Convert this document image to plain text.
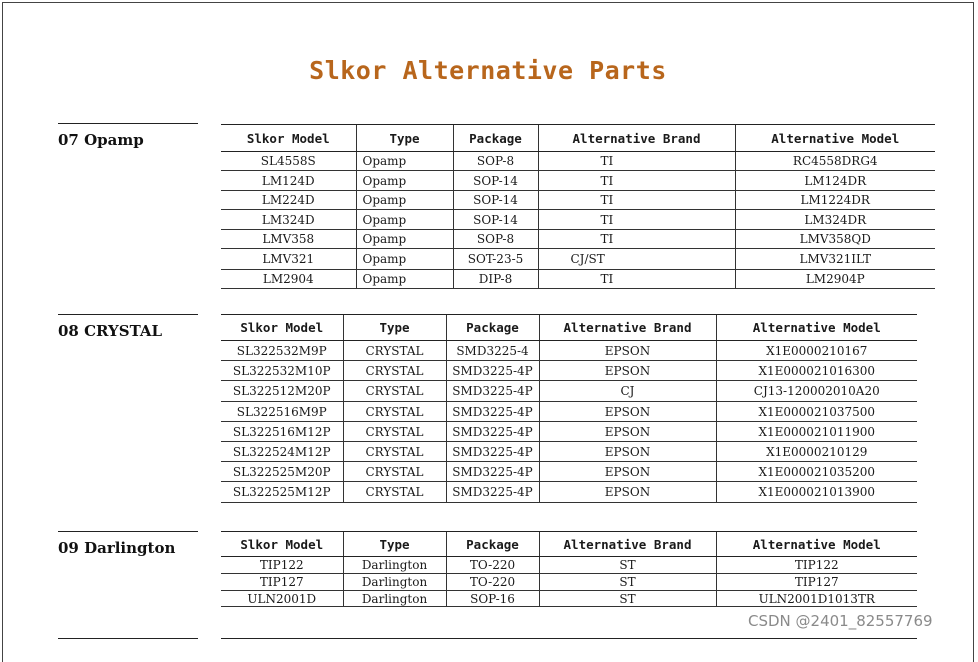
Slkor Alternative Parts
07 Opamp	Slkor Model	Type	Package	Alternative Brand	Alternative Model
SL4558S	Opamp	SOP-8	TI	RC4558DRG4
LM124D	Opamp	SOP-14	TI	LM124DR
LM224D	Opamp	SOP-14	TI	LM1224DR
LM324D	Opamp	SOP-14	TI	LM324DR
LMV358	Opamp	SOP-8	TI	LMV358QD
LMV321	Opamp	SOT-23-5	CJ/ST	LMV321ILT
LM2904	Opamp	DIP-8	TI	LM2904P
08 CRYSTAL	Slkor Model	Type	Package	Alternative Brand	Alternative Model
SL322532M9P	CRYSTAL	SMD3225-4	EPSON	X1E0000210167
SL322532M10P	CRYSTAL	SMD3225-4P	EPSON	X1E000021016300
SL322512M20P	CRYSTAL	SMD3225-4P	CJ	CJ13-120002010A20
SL322516M9P	CRYSTAL	SMD3225-4P	EPSON	X1E000021037500
SL322516M12P	CRYSTAL	SMD3225-4P	EPSON	X1E000021011900
SL322524M12P	CRYSTAL	SMD3225-4P	EPSON	X1E0000210129
SL322525M20P	CRYSTAL	SMD3225-4P	EPSON	X1E000021035200
SL322525M12P	CRYSTAL	SMD3225-4P	EPSON	X1E000021013900
09 Darlington	Slkor Model	Type	Package	Alternative Brand	Alternative Model
TIP122	Darlington	TO-220	ST	TIP122
TIP127	Darlington	TO-220	ST	TIP127
ULN2001D	Darlington	SOP-16	ST	ULN2001D1013TR
CSDN @2401_82557769
